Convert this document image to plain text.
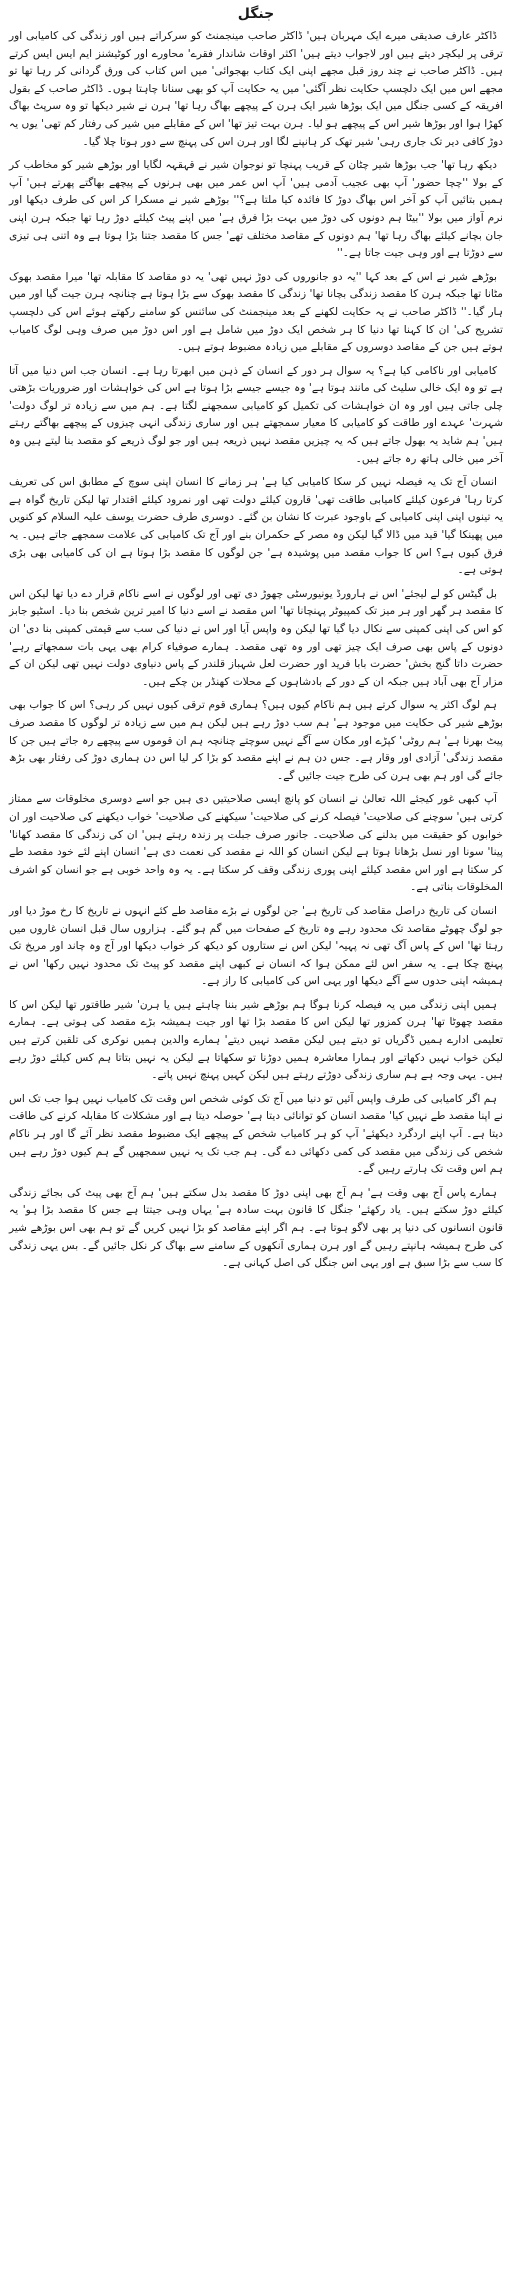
جنگل

ڈاکٹر عارف صدیقی میرے ایک مہربان ہیں' ڈاکٹر صاحب مینجمنٹ کو سرکراتے ہیں اور زندگی کی کامیابی اور ترقی پر لیکچر دیتے ہیں اور لاجواب دیتے ہیں' اکثر اوقات شاندار فقرے' محاورے اور کوٹیشنز ایم ایس ایس کرتے ہیں۔ ڈاکٹر صاحب نے چند روز قبل مجھے اپنی ایک کتاب بھجوائی' میں اس کتاب کی ورق گردانی کر رہا تھا تو مجھے اس میں ایک دلچسپ حکایت نظر آگئی' میں یہ حکایت آپ کو بھی سنانا چاہتا ہوں۔ ڈاکٹر صاحب کے بقول افریقہ کے کسی جنگل میں ایک بوڑھا شیر ایک ہرن کے پیچھے بھاگ رہا تھا' ہرن نے شیر دیکھا تو وہ سرپٹ بھاگ کھڑا ہوا اور بوڑھا شیر اس کے پیچھے ہو لیا۔ ہرن بہت تیز تھا' اس کے مقابلے میں شیر کی رفتار کم تھی' یوں یہ دوڑ کافی دیر تک جاری رہی' شیر تھک کر ہانپنے لگا اور ہرن اس کی پہنچ سے دور ہوتا چلا گیا۔

دیکھ رہا تھا' جب بوڑھا شیر چٹان کے قریب پہنچا تو نوجوان شیر نے قہقہہ لگایا اور بوڑھے شیر کو مخاطب کر کے بولا ''چچا حضور' آپ بھی عجیب آدمی ہیں' آپ اس عمر میں بھی ہرنوں کے پیچھے بھاگتے پھرتے ہیں' آپ ہمیں بتائیں آپ کو آخر اس بھاگ دوڑ کا فائدہ کیا ملتا ہے؟'' بوڑھے شیر نے مسکرا کر اس کی طرف دیکھا اور نرم آواز میں بولا ''بیٹا ہم دونوں کی دوڑ میں بہت بڑا فرق ہے' میں اپنے پیٹ کیلئے دوڑ رہا تھا جبکہ ہرن اپنی جان بچانے کیلئے بھاگ رہا تھا' ہم دونوں کے مقاصد مختلف تھے' جس کا مقصد جتنا بڑا ہوتا ہے وہ اتنی ہی تیزی سے دوڑتا ہے اور وہی جیت جاتا ہے۔''

بوڑھے شیر نے اس کے بعد کہا ''یہ دو جانوروں کی دوڑ نہیں تھی' یہ دو مقاصد کا مقابلہ تھا' میرا مقصد بھوک مٹانا تھا جبکہ ہرن کا مقصد زندگی بچانا تھا' زندگی کا مقصد بھوک سے بڑا ہوتا ہے چنانچہ ہرن جیت گیا اور میں ہار گیا۔'' ڈاکٹر صاحب نے یہ حکایت لکھنے کے بعد مینجمنٹ کی سائنس کو سامنے رکھتے ہوئے اس کی دلچسپ تشریح کی' ان کا کہنا تھا دنیا کا ہر شخص ایک دوڑ میں شامل ہے اور اس دوڑ میں صرف وہی لوگ کامیاب ہوتے ہیں جن کے مقاصد دوسروں کے مقابلے میں زیادہ مضبوط ہوتے ہیں۔

کامیابی اور ناکامی کیا ہے؟ یہ سوال ہر دور کے انسان کے ذہن میں ابھرتا رہا ہے۔ انسان جب اس دنیا میں آتا ہے تو وہ ایک خالی سلیٹ کی مانند ہوتا ہے' وہ جیسے جیسے بڑا ہوتا ہے اس کی خواہشات اور ضروریات بڑھتی چلی جاتی ہیں اور وہ ان خواہشات کی تکمیل کو کامیابی سمجھنے لگتا ہے۔ ہم میں سے زیادہ تر لوگ دولت' شہرت' عہدے اور طاقت کو کامیابی کا معیار سمجھتے ہیں اور ساری زندگی انہی چیزوں کے پیچھے بھاگتے رہتے ہیں' ہم شاید یہ بھول جاتے ہیں کہ یہ چیزیں مقصد نہیں ذریعہ ہیں اور جو لوگ ذریعے کو مقصد بنا لیتے ہیں وہ آخر میں خالی ہاتھ رہ جاتے ہیں۔

انسان آج تک یہ فیصلہ نہیں کر سکا کامیابی کیا ہے' ہر زمانے کا انسان اپنی سوچ کے مطابق اس کی تعریف کرتا رہا' فرعون کیلئے کامیابی طاقت تھی' قارون کیلئے دولت تھی اور نمرود کیلئے اقتدار تھا لیکن تاریخ گواہ ہے یہ تینوں اپنی اپنی کامیابی کے باوجود عبرت کا نشان بن گئے۔ دوسری طرف حضرت یوسف علیہ السلام کو کنویں میں پھینکا گیا' قید میں ڈالا گیا لیکن وہ مصر کے حکمران بنے اور آج تک کامیابی کی علامت سمجھے جاتے ہیں۔ یہ فرق کیوں ہے؟ اس کا جواب مقصد میں پوشیدہ ہے' جن لوگوں کا مقصد بڑا ہوتا ہے ان کی کامیابی بھی بڑی ہوتی ہے۔

بل گیٹس کو لے لیجئے' اس نے ہارورڈ یونیورسٹی چھوڑ دی تھی اور لوگوں نے اسے ناکام قرار دے دیا تھا لیکن اس کا مقصد ہر گھر اور ہر میز تک کمپیوٹر پہنچانا تھا' اس مقصد نے اسے دنیا کا امیر ترین شخص بنا دیا۔ اسٹیو جابز کو اس کی اپنی کمپنی سے نکال دیا گیا تھا لیکن وہ واپس آیا اور اس نے دنیا کی سب سے قیمتی کمپنی بنا دی' ان دونوں کے پاس بھی صرف ایک چیز تھی اور وہ تھی مقصد۔ ہمارے صوفیاء کرام بھی یہی بات سمجھاتے رہے' حضرت داتا گنج بخش' حضرت بابا فرید اور حضرت لعل شہباز قلندر کے پاس دنیاوی دولت نہیں تھی لیکن ان کے مزار آج بھی آباد ہیں جبکہ ان کے دور کے بادشاہوں کے محلات کھنڈر بن چکے ہیں۔

ہم لوگ اکثر یہ سوال کرتے ہیں ہم ناکام کیوں ہیں؟ ہماری قوم ترقی کیوں نہیں کر رہی؟ اس کا جواب بھی بوڑھے شیر کی حکایت میں موجود ہے' ہم سب دوڑ رہے ہیں لیکن ہم میں سے زیادہ تر لوگوں کا مقصد صرف پیٹ بھرنا ہے' ہم روٹی' کپڑے اور مکان سے آگے نہیں سوچتے چنانچہ ہم ان قوموں سے پیچھے رہ جاتے ہیں جن کا مقصد زندگی' آزادی اور وقار ہے۔ جس دن ہم نے اپنے مقصد کو بڑا کر لیا اس دن ہماری دوڑ کی رفتار بھی بڑھ جائے گی اور ہم بھی ہرن کی طرح جیت جائیں گے۔

آپ کبھی غور کیجئے اللہ تعالیٰ نے انسان کو پانچ ایسی صلاحیتیں دی ہیں جو اسے دوسری مخلوقات سے ممتاز کرتی ہیں' سوچنے کی صلاحیت' فیصلہ کرنے کی صلاحیت' سیکھنے کی صلاحیت' خواب دیکھنے کی صلاحیت اور ان خوابوں کو حقیقت میں بدلنے کی صلاحیت۔ جانور صرف جبلت پر زندہ رہتے ہیں' ان کی زندگی کا مقصد کھانا' پینا' سونا اور نسل بڑھانا ہوتا ہے لیکن انسان کو اللہ نے مقصد کی نعمت دی ہے' انسان اپنے لئے خود مقصد طے کر سکتا ہے اور اس مقصد کیلئے اپنی پوری زندگی وقف کر سکتا ہے۔ یہ وہ واحد خوبی ہے جو انسان کو اشرف المخلوقات بناتی ہے۔

انسان کی تاریخ دراصل مقاصد کی تاریخ ہے' جن لوگوں نے بڑے مقاصد طے کئے انہوں نے تاریخ کا رخ موڑ دیا اور جو لوگ چھوٹے مقاصد تک محدود رہے وہ تاریخ کے صفحات میں گم ہو گئے۔ ہزاروں سال قبل انسان غاروں میں رہتا تھا' اس کے پاس آگ تھی نہ پہیہ' لیکن اس نے ستاروں کو دیکھ کر خواب دیکھا اور آج وہ چاند اور مریخ تک پہنچ چکا ہے۔ یہ سفر اس لئے ممکن ہوا کہ انسان نے کبھی اپنے مقصد کو پیٹ تک محدود نہیں رکھا' اس نے ہمیشہ اپنی حدوں سے آگے دیکھا اور یہی اس کی کامیابی کا راز ہے۔

ہمیں اپنی زندگی میں یہ فیصلہ کرنا ہوگا ہم بوڑھے شیر بننا چاہتے ہیں یا ہرن' شیر طاقتور تھا لیکن اس کا مقصد چھوٹا تھا' ہرن کمزور تھا لیکن اس کا مقصد بڑا تھا اور جیت ہمیشہ بڑے مقصد کی ہوتی ہے۔ ہمارے تعلیمی ادارے ہمیں ڈگریاں تو دیتے ہیں لیکن مقصد نہیں دیتے' ہمارے والدین ہمیں نوکری کی تلقین کرتے ہیں لیکن خواب نہیں دکھاتے اور ہمارا معاشرہ ہمیں دوڑنا تو سکھاتا ہے لیکن یہ نہیں بتاتا ہم کس کیلئے دوڑ رہے ہیں۔ یہی وجہ ہے ہم ساری زندگی دوڑتے رہتے ہیں لیکن کہیں پہنچ نہیں پاتے۔

ہم اگر کامیابی کی طرف واپس آئیں تو دنیا میں آج تک کوئی شخص اس وقت تک کامیاب نہیں ہوا جب تک اس نے اپنا مقصد طے نہیں کیا' مقصد انسان کو توانائی دیتا ہے' حوصلہ دیتا ہے اور مشکلات کا مقابلہ کرنے کی طاقت دیتا ہے۔ آپ اپنے اردگرد دیکھئے' آپ کو ہر کامیاب شخص کے پیچھے ایک مضبوط مقصد نظر آئے گا اور ہر ناکام شخص کی زندگی میں مقصد کی کمی دکھائی دے گی۔ ہم جب تک یہ نہیں سمجھیں گے ہم کیوں دوڑ رہے ہیں ہم اس وقت تک ہارتے رہیں گے۔

ہمارے پاس آج بھی وقت ہے' ہم آج بھی اپنی دوڑ کا مقصد بدل سکتے ہیں' ہم آج بھی پیٹ کی بجائے زندگی کیلئے دوڑ سکتے ہیں۔ یاد رکھئے' جنگل کا قانون بہت سادہ ہے' یہاں وہی جیتتا ہے جس کا مقصد بڑا ہو' یہ قانون انسانوں کی دنیا پر بھی لاگو ہوتا ہے۔ ہم اگر اپنے مقاصد کو بڑا نہیں کریں گے تو ہم بھی اس بوڑھے شیر کی طرح ہمیشہ ہانپتے رہیں گے اور ہرن ہماری آنکھوں کے سامنے سے بھاگ کر نکل جائیں گے۔ بس یہی زندگی کا سب سے بڑا سبق ہے اور یہی اس جنگل کی اصل کہانی ہے۔
